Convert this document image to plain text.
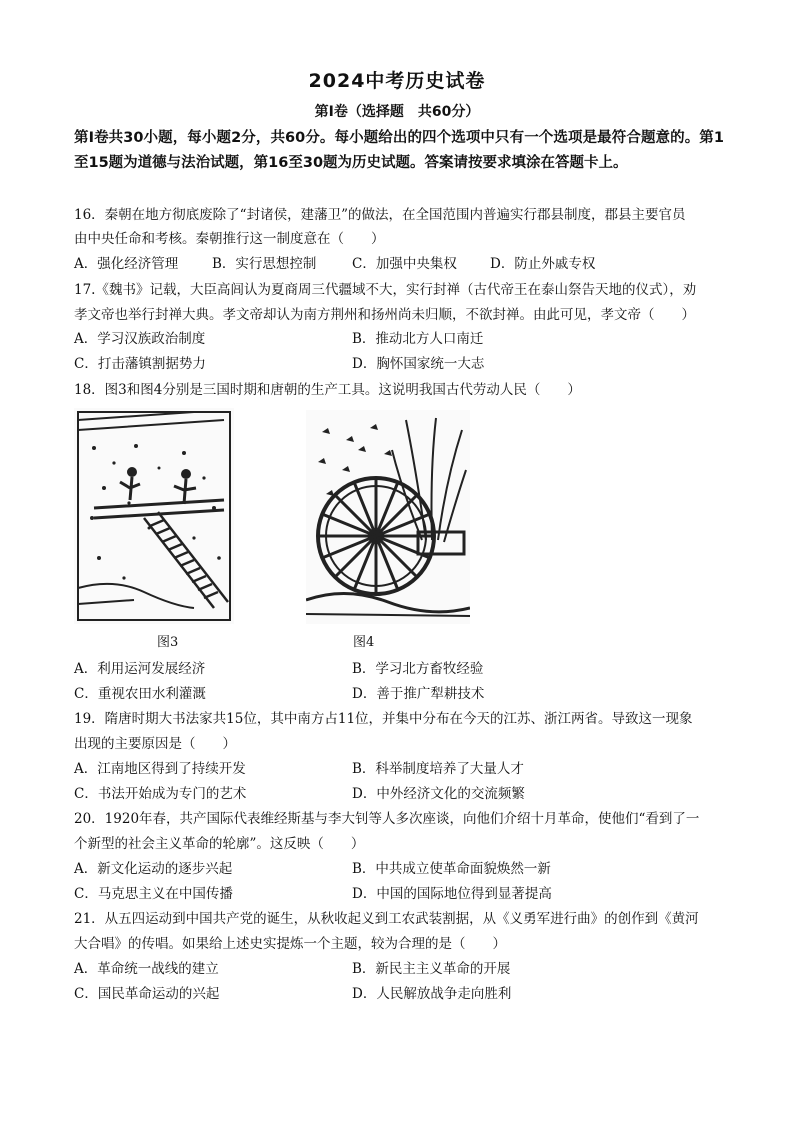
2024中考历史试卷
第Ⅰ卷（选择题　共60分）
第Ⅰ卷共30小题，每小题2分，共60分。每小题给出的四个选项中只有一个选项是最符合题意的。第1至15题为道德与法治试题，第16至30题为历史试题。答案请按要求填涂在答题卡上。
16．秦朝在地方彻底废除了“封诸侯，建藩卫”的做法，在全国范围内普遍实行郡县制度，郡县主要官员
由中央任命和考核。秦朝推行这一制度意在（　　）
A．强化经济管理	B．实行思想控制	C．加强中央集权 D．防止外戚专权
17.《魏书》记载，大臣高闾认为夏商周三代疆域不大，实行封禅（古代帝王在泰山祭告天地的仪式），劝
孝文帝也举行封禅大典。孝文帝却认为南方荆州和扬州尚未归顺，不欲封禅。由此可见，孝文帝（　　）
A．学习汉族政治制度	B．推动北方人口南迁
C．打击藩镇割据势力	D．胸怀国家统一大志
18．图3和图4分别是三国时期和唐朝的生产工具。这说明我国古代劳动人民（　　）
图3	图4
A．利用运河发展经济	B．学习北方畜牧经验
C．重视农田水利灌溉	D．善于推广犁耕技术
19．隋唐时期大书法家共15位，其中南方占11位，并集中分布在今天的江苏、浙江两省。导致这一现象
出现的主要原因是（　　）
A．江南地区得到了持续开发	B．科举制度培养了大量人才
C．书法开始成为专门的艺术	D．中外经济文化的交流频繁
20．1920年春，共产国际代表维经斯基与李大钊等人多次座谈，向他们介绍十月革命，使他们“看到了一
个新型的社会主义革命的轮廓”。这反映（　　）
A．新文化运动的逐步兴起	B．中共成立使革命面貌焕然一新
C．马克思主义在中国传播	D．中国的国际地位得到显著提高
21．从五四运动到中国共产党的诞生，从秋收起义到工农武装割据，从《义勇军进行曲》的创作到《黄河
大合唱》的传唱。如果给上述史实提炼一个主题，较为合理的是（　　）
A．革命统一战线的建立	B．新民主主义革命的开展
C．国民革命运动的兴起	D．人民解放战争走向胜利
